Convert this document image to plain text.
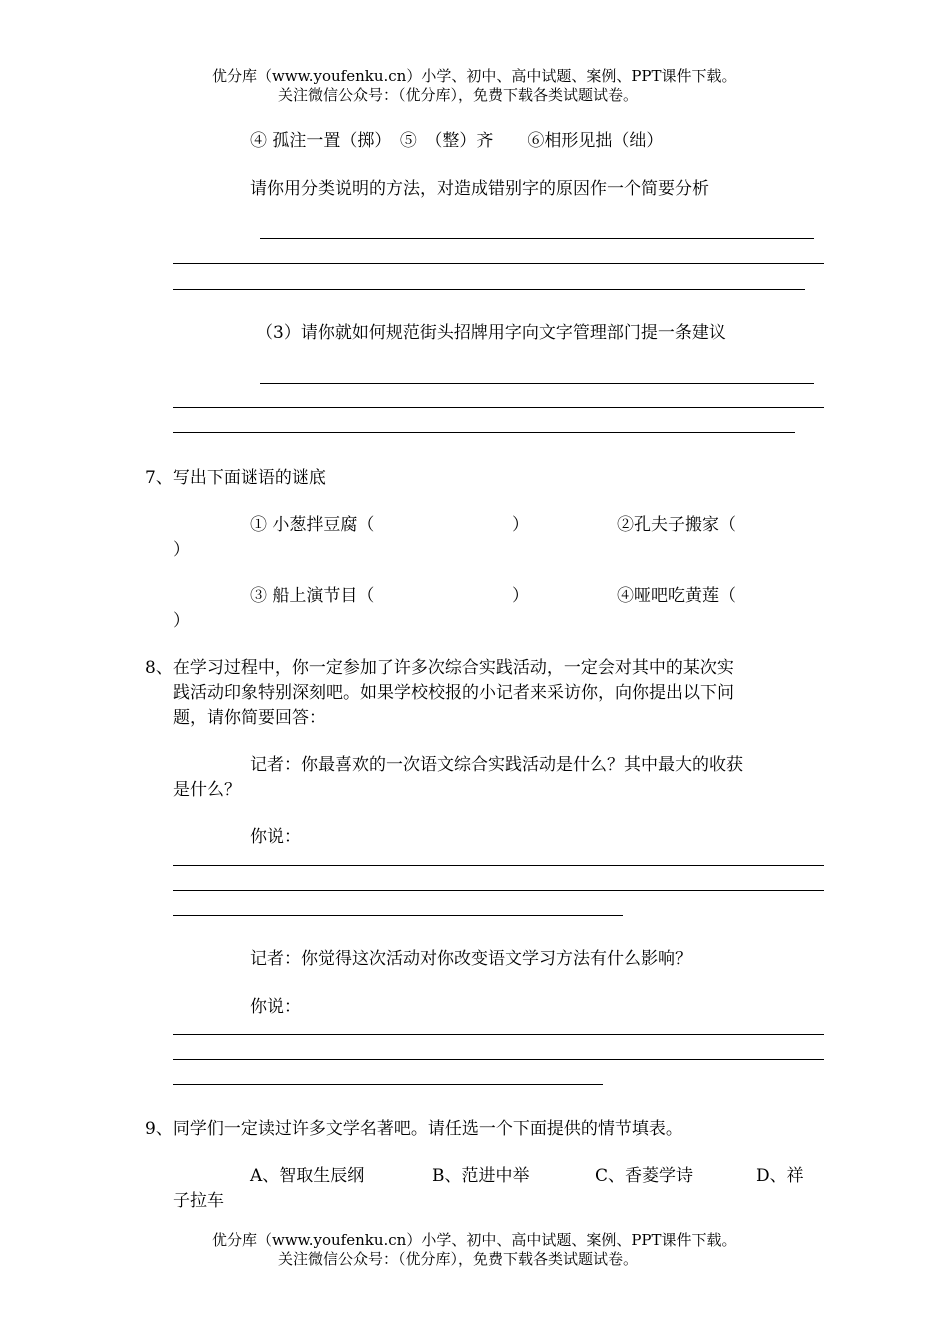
优分库（www.youfenku.cn）小学、初中、高中试题、案例、PPT课件下载。
关注微信公众号：（优分库），免费下载各类试题试卷。
④ 孤注一置（掷）　⑤　（整）齐　　⑥相形见拙（绌）
请你用分类说明的方法，对造成错别字的原因作一个简要分析
（3）请你就如何规范街头招牌用字向文字管理部门提一条建议
7、写出下面谜语的谜底
① 小葱拌豆腐（	）	②孔夫子搬家（
）
③ 船上演节目（	）	④哑吧吃黄莲（
）
8、在学习过程中，你一定参加了许多次综合实践活动，一定会对其中的某次实
践活动印象特别深刻吧。如果学校校报的小记者来采访你，向你提出以下问
题，请你简要回答：
记者：你最喜欢的一次语文综合实践活动是什么？其中最大的收获
是什么？
你说：
记者：你觉得这次活动对你改变语文学习方法有什么影响？
你说：
9、同学们一定读过许多文学名著吧。请任选一个下面提供的情节填表。
A、智取生辰纲	B、范进中举	C、香菱学诗	D、祥
子拉车
优分库（www.youfenku.cn）小学、初中、高中试题、案例、PPT课件下载。
关注微信公众号：（优分库），免费下载各类试题试卷。
